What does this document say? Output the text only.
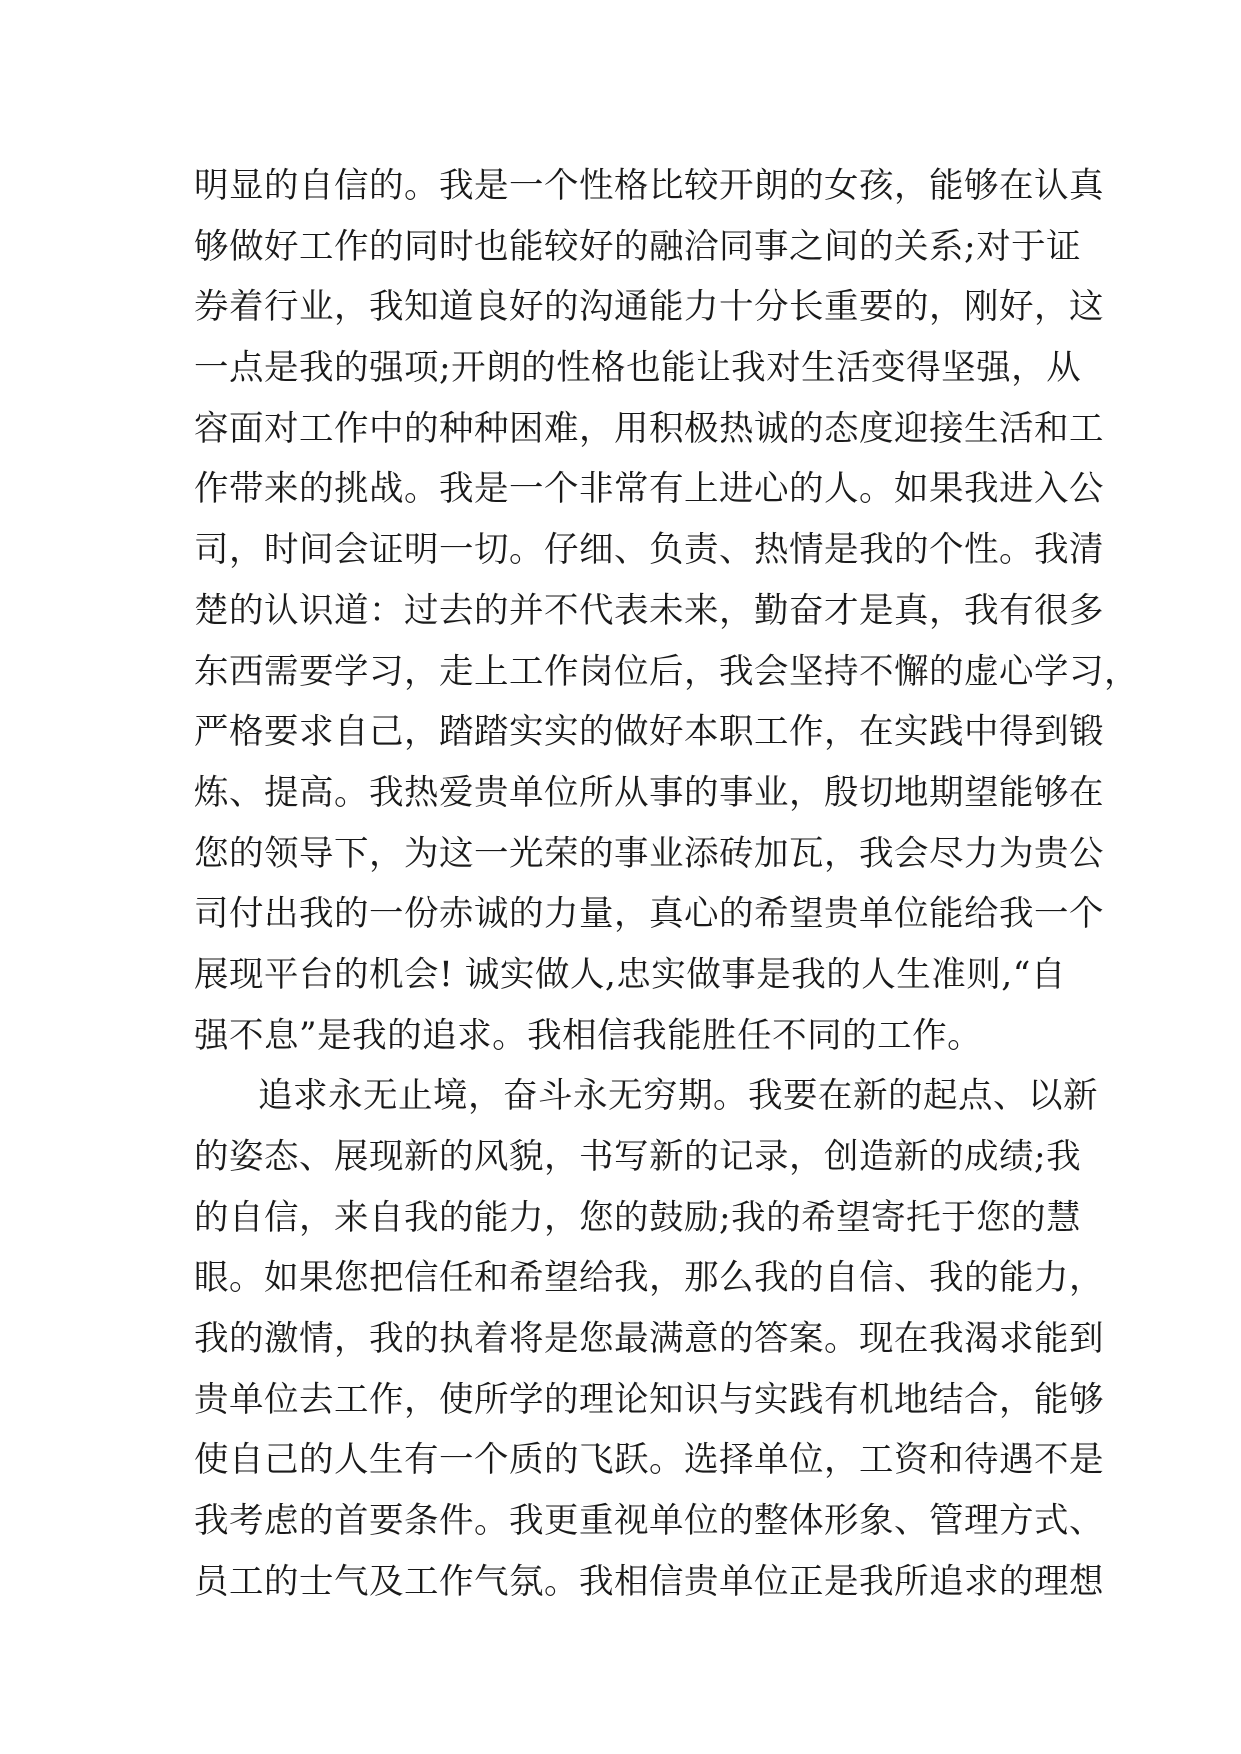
明显的自信的。我是一个性格比较开朗的女孩，能够在认真
够做好工作的同时也能较好的融洽同事之间的关系;对于证
券着行业，我知道良好的沟通能力十分长重要的，刚好，这
一点是我的强项;开朗的性格也能让我对生活变得坚强，从
容面对工作中的种种困难，用积极热诚的态度迎接生活和工
作带来的挑战。我是一个非常有上进心的人。如果我进入公
司，时间会证明一切。仔细、负责、热情是我的个性。我清
楚的认识道：过去的并不代表未来，勤奋才是真，我有很多
东西需要学习，走上工作岗位后，我会坚持不懈的虚心学习，
严格要求自己，踏踏实实的做好本职工作，在实践中得到锻
炼、提高。我热爱贵单位所从事的事业，殷切地期望能够在
您的领导下，为这一光荣的事业添砖加瓦，我会尽力为贵公
司付出我的一份赤诚的力量，真心的希望贵单位能给我一个
展现平台的机会! 诚实做人,忠实做事是我的人生准则,“自
强不息”是我的追求。我相信我能胜任不同的工作。
追求永无止境，奋斗永无穷期。我要在新的起点、以新
的姿态、展现新的风貌，书写新的记录，创造新的成绩;我
的自信，来自我的能力，您的鼓励;我的希望寄托于您的慧
眼。如果您把信任和希望给我，那么我的自信、我的能力，
我的激情，我的执着将是您最满意的答案。现在我渴求能到
贵单位去工作，使所学的理论知识与实践有机地结合，能够
使自己的人生有一个质的飞跃。选择单位，工资和待遇不是
我考虑的首要条件。我更重视单位的整体形象、管理方式、
员工的士气及工作气氛。我相信贵单位正是我所追求的理想
